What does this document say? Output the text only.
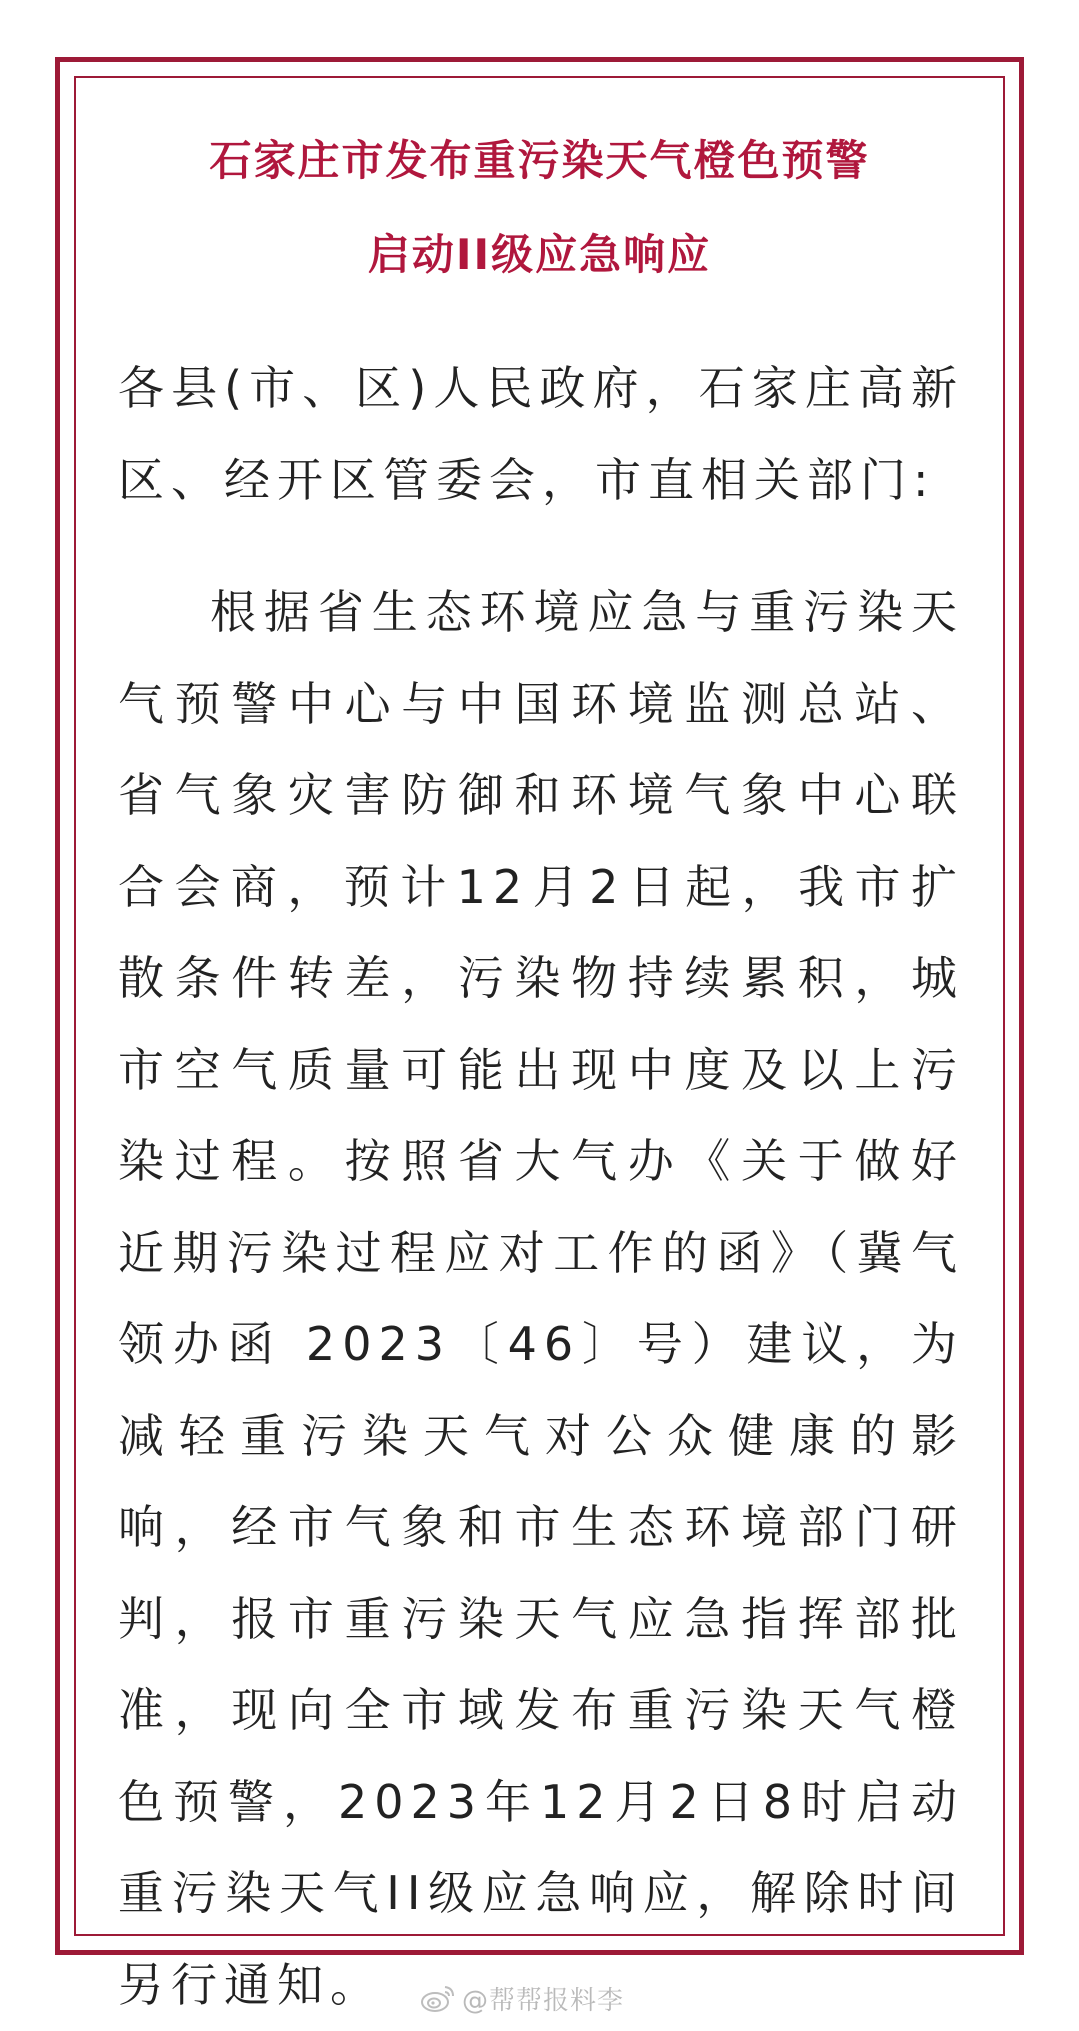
石家庄市发布重污染天气橙色预警
启动II级应急响应
各县(市、区)人民政府，石家庄高新区、经开区管委会，市直相关部门:
根据省生态环境应急与重污染天气预警中心与中国环境监测总站、省气象灾害防御和环境气象中心联合会商，预计12月2日起，我市扩散条件转差，污染物持续累积，城市空气质量可能出现中度及以上污染过程。按照省大气办《关于做好近期污染过程应对工作的函》（冀气领办函 2023〔46〕号）建议，为减轻重污染天气对公众健康的影响，经市气象和市生态环境部门研判，报市重污染天气应急指挥部批准，现向全市域发布重污染天气橙色预警，2023年12月2日8时启动重污染天气II级应急响应，解除时间另行通知。	@帮帮报料李
